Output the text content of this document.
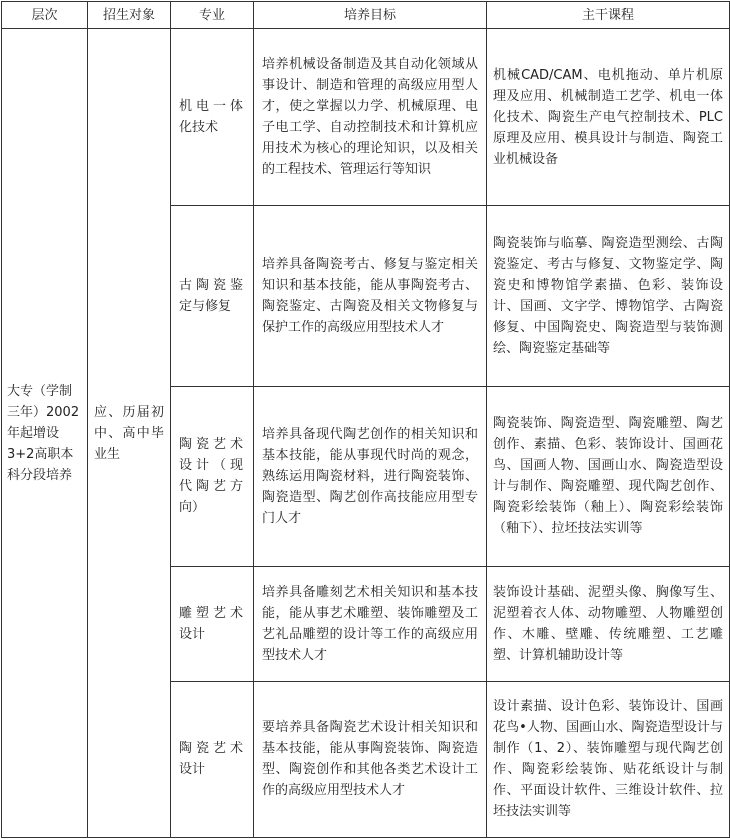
层次	招生对象	专业	培养目标	主干课程
大专（学制三年）2002年起增设3+2高职本科分段培养	应、历届初中、高中毕业生	机电一体化技术	培养机械设备制造及其自动化领域从事设计、制造和管理的高级应用型人才，使之掌握以力学、机械原理、电子电工学、自动控制技术和计算机应用技术为核心的理论知识，以及相关的工程技术、管理运行等知识	机械CAD/CAM、电机拖动、单片机原理及应用、机械制造工艺学、机电一体化技术、陶瓷生产电气控制技术、PLC原理及应用、模具设计与制造、陶瓷工业机械设备
		古陶瓷鉴定与修复	培养具备陶瓷考古、修复与鉴定相关知识和基本技能，能从事陶瓷考古、陶瓷鉴定、古陶瓷及相关文物修复与保护工作的高级应用型技术人才	陶瓷装饰与临摹、陶瓷造型测绘、古陶瓷鉴定、考古与修复、文物鉴定学、陶瓷史和博物馆学素描、色彩、装饰设计、国画、文字学、博物馆学、古陶瓷修复、中国陶瓷史、陶瓷造型与装饰测绘、陶瓷鉴定基础等
		陶瓷艺术设计（现代陶艺方向）	培养具备现代陶艺创作的相关知识和基本技能，能从事现代时尚的观念，熟练运用陶瓷材料，进行陶瓷装饰、陶瓷造型、陶艺创作高技能应用型专门人才	陶瓷装饰、陶瓷造型、陶瓷雕塑、陶艺创作、素描、色彩、装饰设计、国画花鸟、国画人物、国画山水、陶瓷造型设计与制作、陶瓷雕塑、现代陶艺创作、陶瓷彩绘装饰（釉上）、陶瓷彩绘装饰（釉下）、拉坯技法实训等
		雕塑艺术设计	培养具备雕刻艺术相关知识和基本技能，能从事艺术雕塑、装饰雕塑及工艺礼品雕塑的设计等工作的高级应用型技术人才	装饰设计基础、泥塑头像、胸像写生、泥塑着衣人体、动物雕塑、人物雕塑创作、木雕、壁雕、传统雕塑、工艺雕塑、计算机辅助设计等
		陶瓷艺术设计	要培养具备陶瓷艺术设计相关知识和基本技能，能从事陶瓷装饰、陶瓷造型、陶瓷创作和其他各类艺术设计工作的高级应用型技术人才	设计素描、设计色彩、装饰设计、国画花鸟•人物、国画山水、陶瓷造型设计与制作（1、2）、装饰雕塑与现代陶艺创作、陶瓷彩绘装饰、贴花纸设计与制作、平面设计软件、三维设计软件、拉坯技法实训等
